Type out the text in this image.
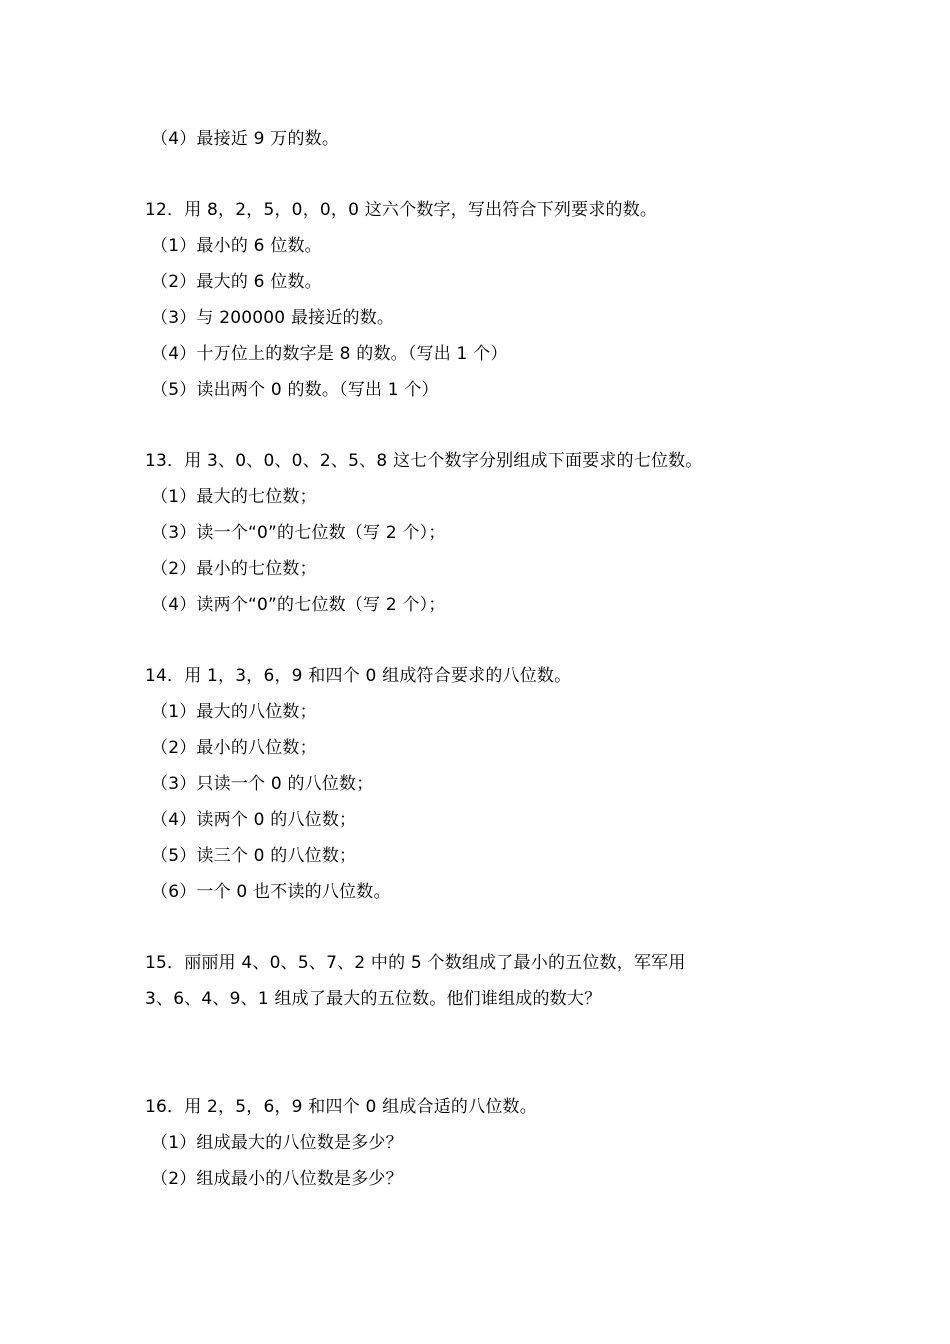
（4）最接近 9 万的数。
12．用 8，2，5，0，0，0 这六个数字，写出符合下列要求的数。
（1）最小的 6 位数。
（2）最大的 6 位数。
（3）与 200000 最接近的数。
（4）十万位上的数字是 8 的数。（写出 1 个）
（5）读出两个 0 的数。（写出 1 个）
13．用 3、0、0、0、2、5、8 这七个数字分别组成下面要求的七位数。
（1）最大的七位数；
（3）读一个“0”的七位数（写 2 个）；
（2）最小的七位数；
（4）读两个“0”的七位数（写 2 个）；
14．用 1，3，6，9 和四个 0 组成符合要求的八位数。
（1）最大的八位数；
（2）最小的八位数；
（3）只读一个 0 的八位数；
（4）读两个 0 的八位数；
（5）读三个 0 的八位数；
（6）一个 0 也不读的八位数。
15．丽丽用 4、0、5、7、2 中的 5 个数组成了最小的五位数，军军用
3、6、4、9、1 组成了最大的五位数。他们谁组成的数大？
16．用 2，5，6，9 和四个 0 组成合适的八位数。
（1）组成最大的八位数是多少？
（2）组成最小的八位数是多少？
